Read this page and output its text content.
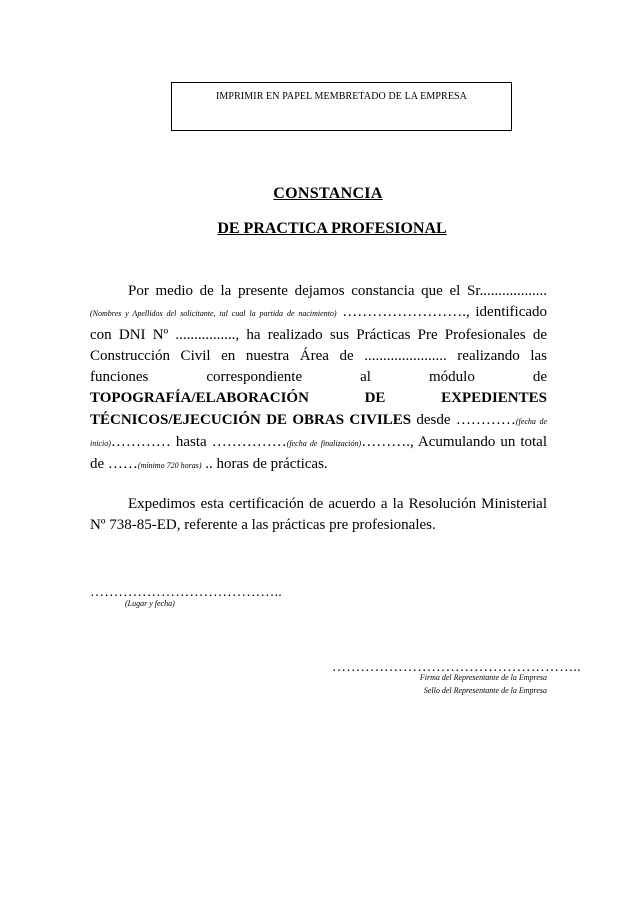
IMPRIMIR EN PAPEL MEMBRETADO DE LA EMPRESA
CONSTANCIA
DE PRACTICA PROFESIONAL
Por medio de la presente dejamos constancia que el Sr.................. (Nombres y Apellidos del solicitante, tal cual la partida de nacimiento) ……………………., identificado con DNI Nº ................, ha realizado sus Prácticas Pre Profesionales de Construcción Civil en nuestra Área de ...................... realizando las funciones correspondiente al módulo de TOPOGRAFÍA/ELABORACIÓN DE EXPEDIENTES TÉCNICOS/EJECUCIÓN DE OBRAS CIVILES desde …………(fecha de inicio)………… hasta ……………(fecha de finalización)………., Acumulando un total de ……(mínimo 720 horas) .. horas de prácticas.
Expedimos esta certificación de acuerdo a la Resolución Ministerial Nº 738-85-ED, referente a las prácticas pre profesionales.
…………………………………..
(Lugar y fecha)
……………………………………………..
Firma del Representante de la Empresa
Sello del Representante de la Empresa
